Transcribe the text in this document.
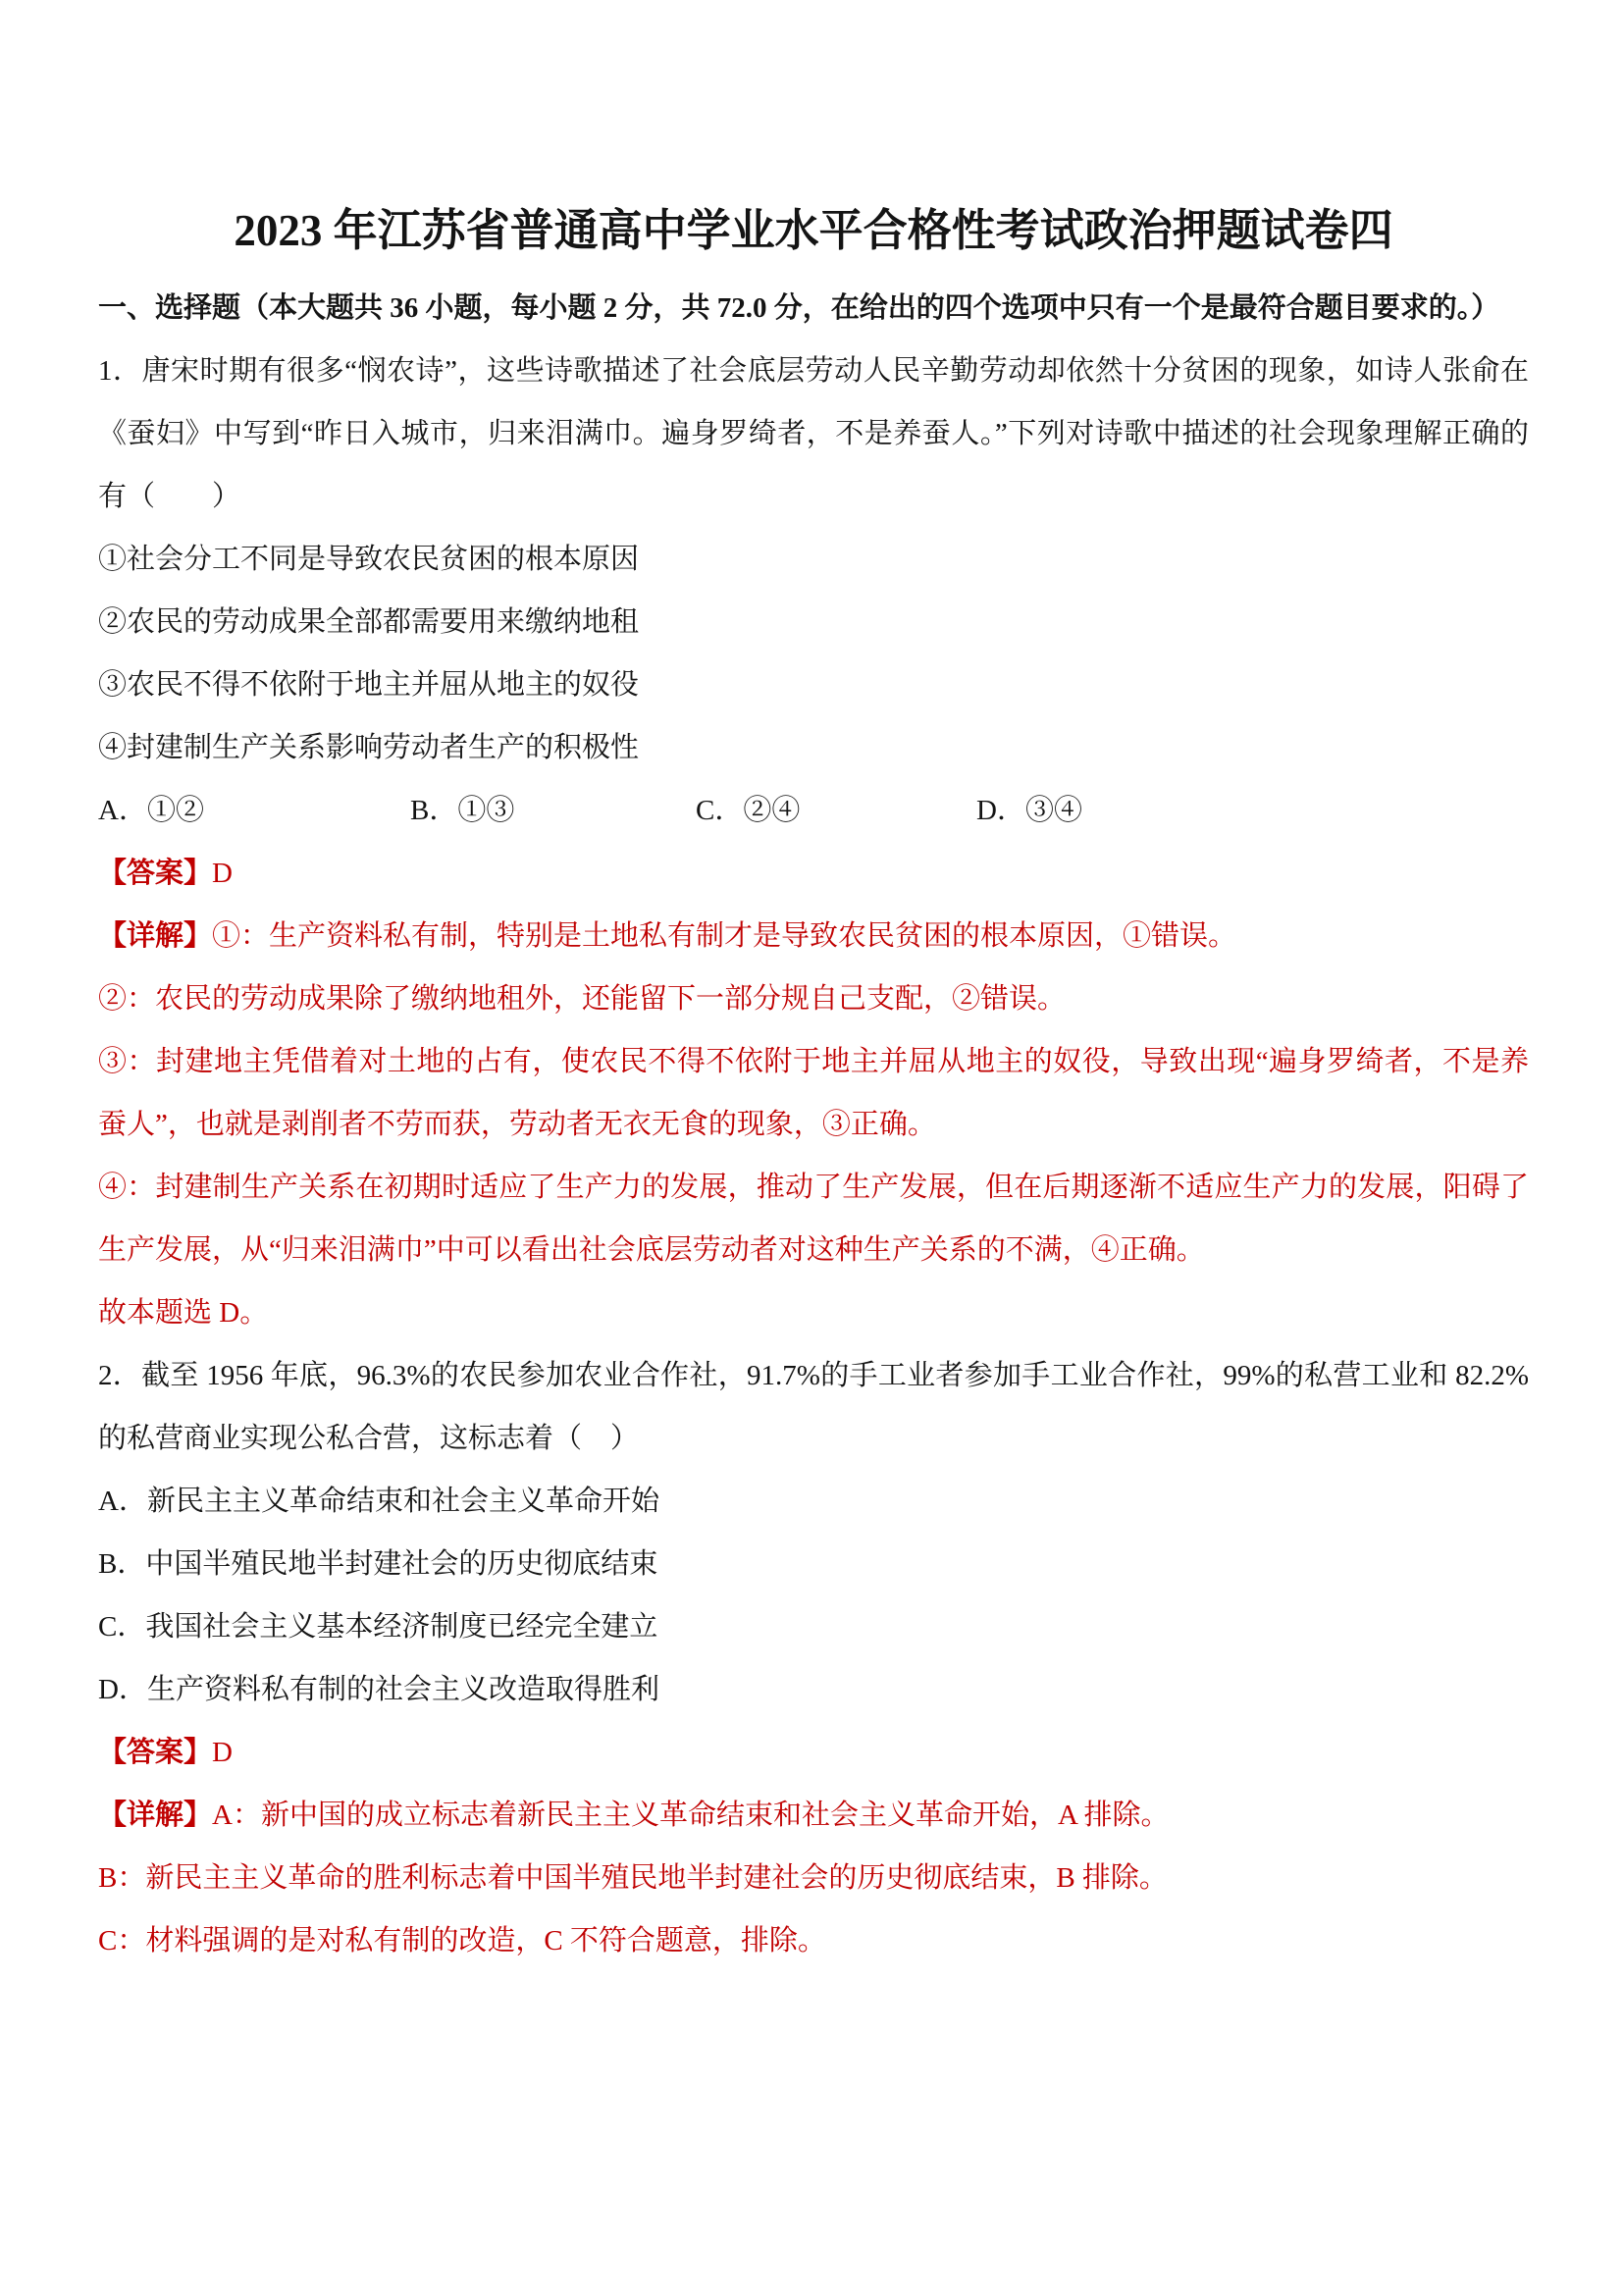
2023 年江苏省普通高中学业水平合格性考试政治押题试卷四

一、选择题（本大题共 36 小题，每小题 2 分，共 72.0 分，在给出的四个选项中只有一个是最符合题目要求的。）

1．唐宋时期有很多“悯农诗”，这些诗歌描述了社会底层劳动人民辛勤劳动却依然十分贫困的现象，如诗人张俞在《蚕妇》中写到“昨日入城市，归来泪满巾。遍身罗绮者，不是养蚕人。”下列对诗歌中描述的社会现象理解正确的有（　　）

①社会分工不同是导致农民贫困的根本原因

②农民的劳动成果全部都需要用来缴纳地租

③农民不得不依附于地主并屈从地主的奴役

④封建制生产关系影响劳动者生产的积极性

A．①②	B．①③	C．②④	D．③④

【答案】D

【详解】①：生产资料私有制，特别是土地私有制才是导致农民贫困的根本原因，①错误。

②：农民的劳动成果除了缴纳地租外，还能留下一部分规自己支配，②错误。

③：封建地主凭借着对土地的占有，使农民不得不依附于地主并屈从地主的奴役，导致出现“遍身罗绮者，不是养蚕人”，也就是剥削者不劳而获，劳动者无衣无食的现象，③正确。

④：封建制生产关系在初期时适应了生产力的发展，推动了生产发展，但在后期逐渐不适应生产力的发展，阳碍了生产发展，从“归来泪满巾”中可以看出社会底层劳动者对这种生产关系的不满，④正确。

故本题选 D。

2．截至 1956 年底，96.3%的农民参加农业合作社，91.7%的手工业者参加手工业合作社，99%的私营工业和 82.2%的私营商业实现公私合营，这标志着（　）

A．新民主主义革命结束和社会主义革命开始

B．中国半殖民地半封建社会的历史彻底结束

C．我国社会主义基本经济制度已经完全建立

D．生产资料私有制的社会主义改造取得胜利

【答案】D

【详解】A：新中国的成立标志着新民主主义革命结束和社会主义革命开始，A 排除。

B：新民主主义革命的胜利标志着中国半殖民地半封建社会的历史彻底结束，B 排除。

C：材料强调的是对私有制的改造，C 不符合题意，排除。
